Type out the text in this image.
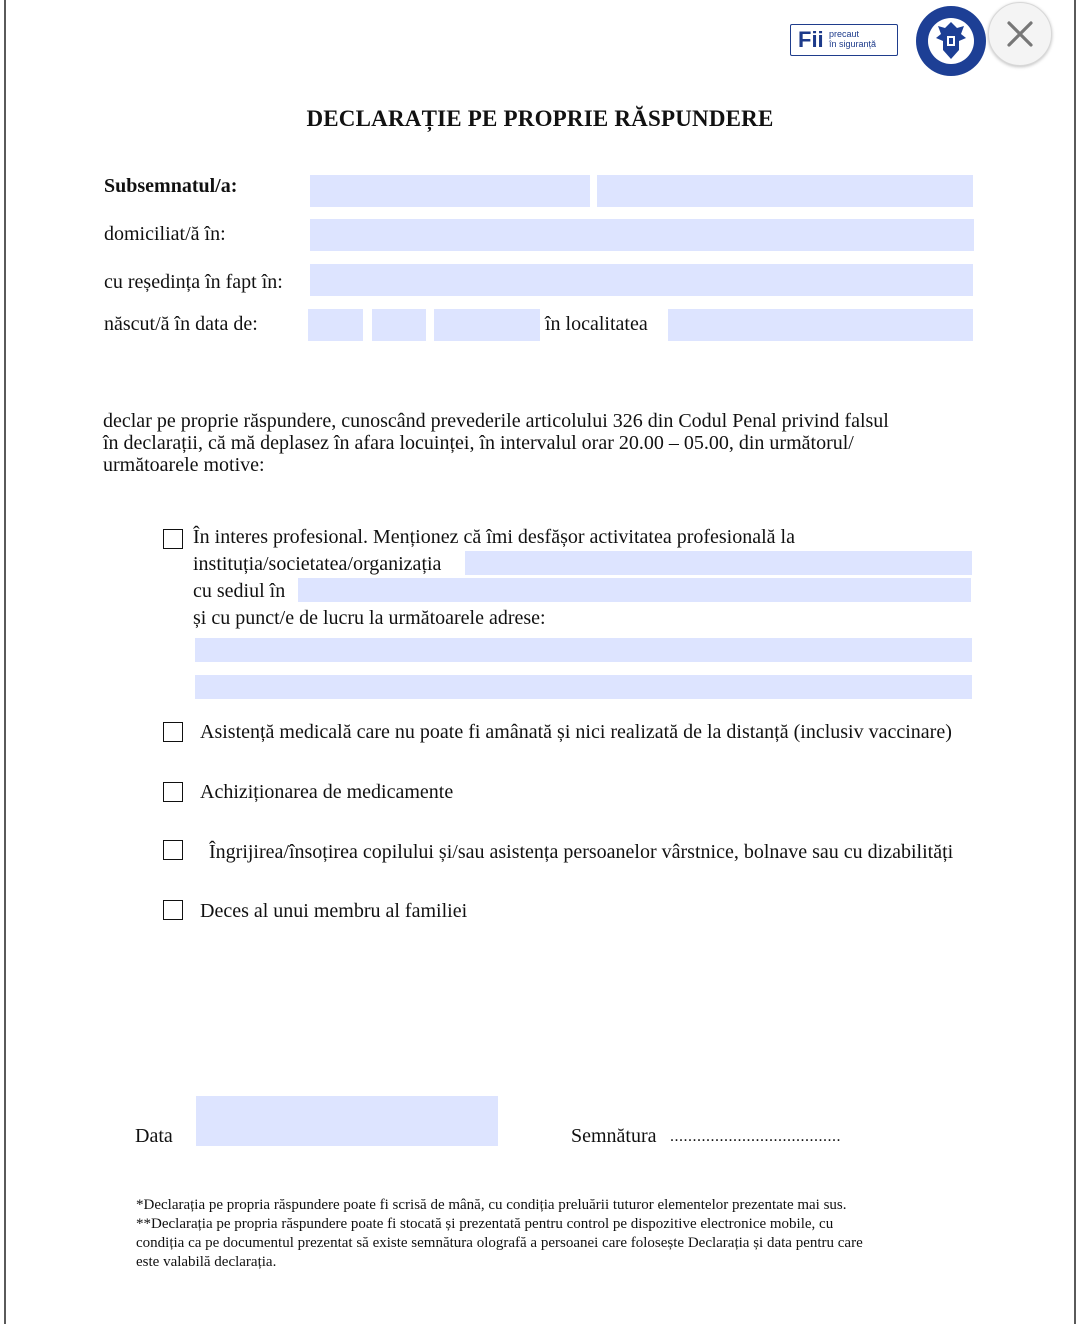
Fii precaut
în siguranță
DECLARAȚIE PE PROPRIE RĂSPUNDERE
Subsemnatul/a:
domiciliat/ă în:
cu reședința în fapt în:
născut/ă în data de:	în localitatea
declar pe proprie răspundere, cunoscând prevederile articolului 326 din Codul Penal privind falsul
în declarații, că mă deplasez în afara locuinței, în intervalul orar 20.00 – 05.00, din următorul/
următoarele motive:
În interes profesional. Menționez că îmi desfășor activitatea profesională la
instituția/societatea/organizația
cu sediul în
și cu punct/e de lucru la următoarele adrese:
Asistență medicală care nu poate fi amânată și nici realizată de la distanță (inclusiv vaccinare)
Achiziționarea de medicamente
Îngrijirea/însoțirea copilului și/sau asistența persoanelor vârstnice, bolnave sau cu dizabilități
Deces al unui membru al familiei
Data	Semnătura ......................................
*Declarația pe propria răspundere poate fi scrisă de mână, cu condiția preluării tuturor elementelor prezentate mai sus.
**Declarația pe propria răspundere poate fi stocată și prezentată pentru control pe dispozitive electronice mobile, cu
condiția ca pe documentul prezentat să existe semnătura olografă a persoanei care folosește Declarația și data pentru care
este valabilă declarația.
